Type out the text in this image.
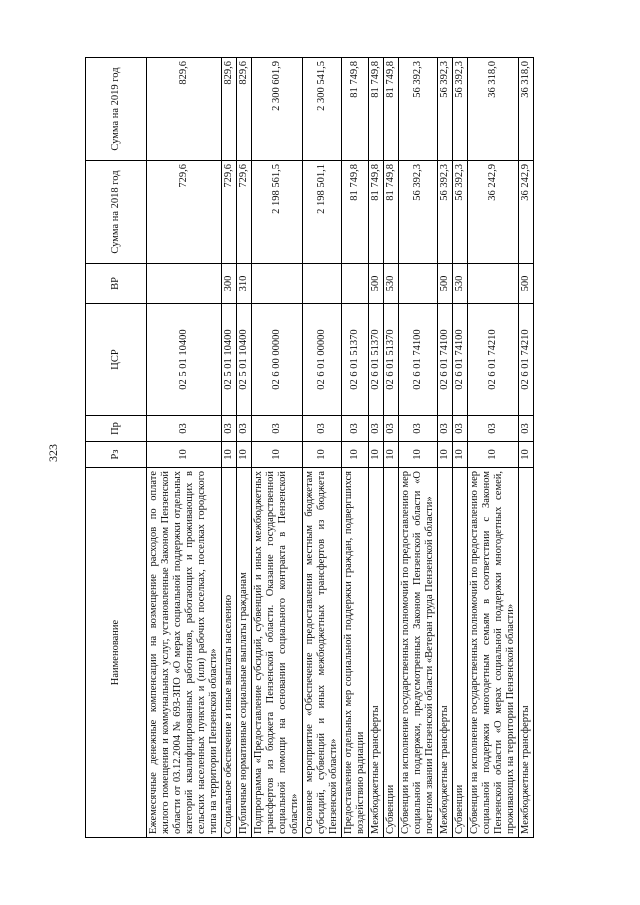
323
Наименование	Рз	Пр	ЦСР	ВР	Сумма на 2018 год	Сумма на 2019 год
Ежемесячные денежные компенсации на возмещение расходов по оплате жилого помещения и коммунальных услуг, установленные Законом Пензенской области от 03.12.2004 № 693-ЗПО «О мерах социальной поддержки отдельных категорий квалифицированных работников, работающих и проживающих в сельских населенных пунктах и (или) рабочих поселках, поселках городского типа на территории Пензенской области»	10	03	02 5 01 10400		729,6	829,6
Социальное обеспечение и иные выплаты населению	10	03	02 5 01 10400	300	729,6	829,6
Публичные нормативные социальные выплаты гражданам	10	03	02 5 01 10400	310	729,6	829,6
Подпрограмма «Предоставление субсидий, субвенций и иных межбюджетных трансфертов из бюджета Пензенской области. Оказание государственной социальной помощи на основании социального контракта в Пензенской области»	10	03	02 6 00 00000		2 198 561,5	2 300 601,9
Основное мероприятие «Обеспечение предоставления местным бюджетам субсидий, субвенций и иных межбюджетных трансфертов из бюджета Пензенской области»	10	03	02 6 01 00000		2 198 501,1	2 300 541,5
Предоставление отдельных мер социальной поддержки граждан, подвергшихся воздействию радиации	10	03	02 6 01 51370		81 749,8	81 749,8
Межбюджетные трансферты	10	03	02 6 01 51370	500	81 749,8	81 749,8
Субвенции	10	03	02 6 01 51370	530	81 749,8	81 749,8
Субвенции на исполнение государственных полномочий по предоставлению мер социальной поддержки, предусмотренных Законом Пензенской области «О почетном звании Пензенской области «Ветеран труда Пензенской области»	10	03	02 6 01 74100		56 392,3	56 392,3
Межбюджетные трансферты	10	03	02 6 01 74100	500	56 392,3	56 392,3
Субвенции	10	03	02 6 01 74100	530	56 392,3	56 392,3
Субвенции на исполнение государственных полномочий по предоставлению мер социальной поддержки многодетным семьям в соответствии с Законом Пензенской области «О мерах социальной поддержки многодетных семей, проживающих на территории Пензенской области»	10	03	02 6 01 74210		36 242,9	36 318,0
Межбюджетные трансферты	10	03	02 6 01 74210	500	36 242,9	36 318,0
